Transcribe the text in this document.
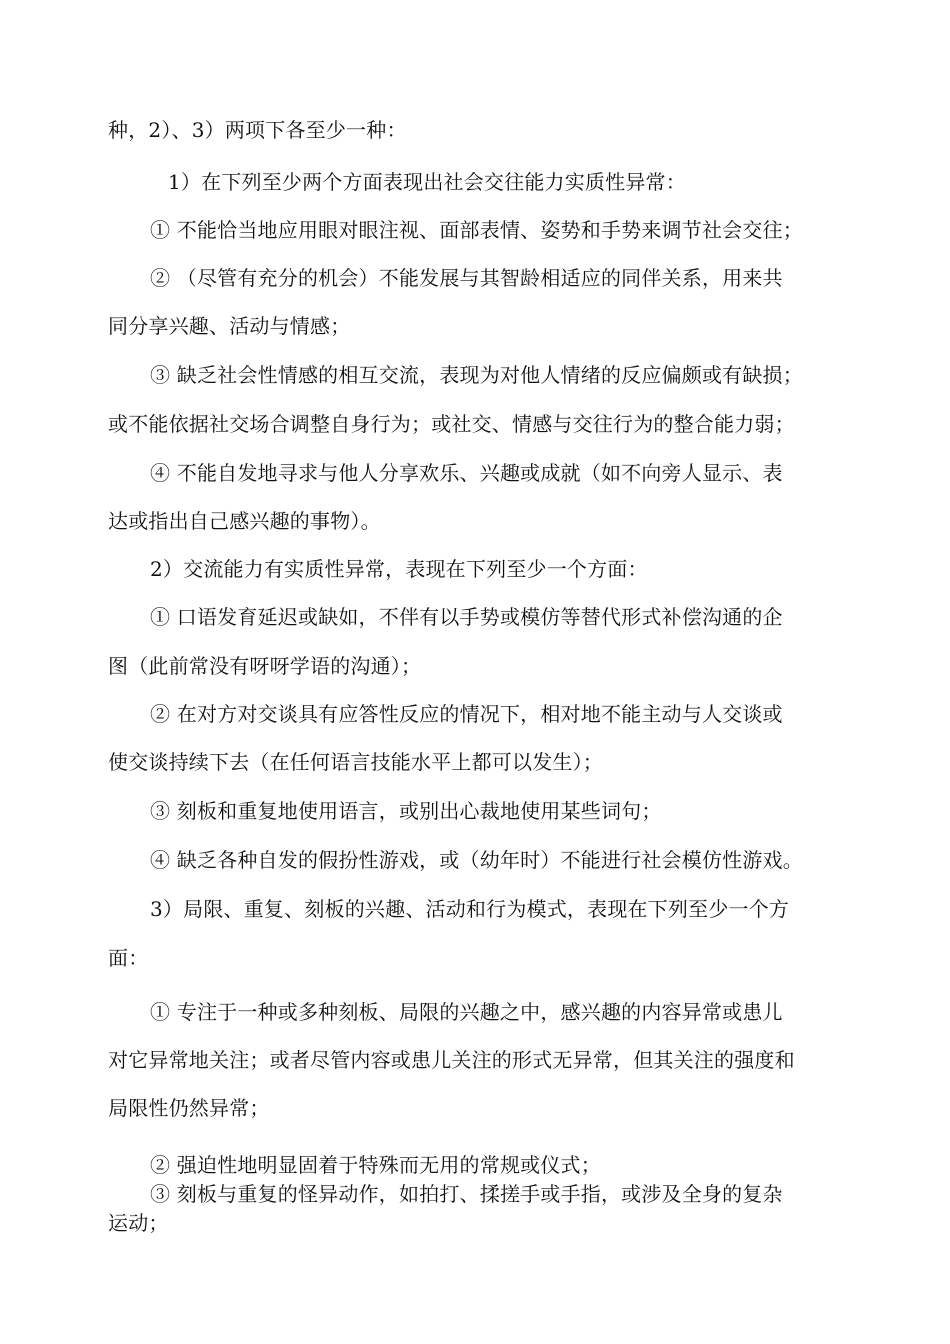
种，2）、3）两项下各至少一种：
1）在下列至少两个方面表现出社会交往能力实质性异常：
① 不能恰当地应用眼对眼注视、面部表情、姿势和手势来调节社会交往；
② （尽管有充分的机会）不能发展与其智龄相适应的同伴关系，用来共
同分享兴趣、活动与情感；
③ 缺乏社会性情感的相互交流，表现为对他人情绪的反应偏颇或有缺损；
或不能依据社交场合调整自身行为；或社交、情感与交往行为的整合能力弱；
④ 不能自发地寻求与他人分享欢乐、兴趣或成就（如不向旁人显示、表
达或指出自己感兴趣的事物）。
2）交流能力有实质性异常，表现在下列至少一个方面：
① 口语发育延迟或缺如，不伴有以手势或模仿等替代形式补偿沟通的企
图（此前常没有呀呀学语的沟通）；
② 在对方对交谈具有应答性反应的情况下，相对地不能主动与人交谈或
使交谈持续下去（在任何语言技能水平上都可以发生）；
③ 刻板和重复地使用语言，或别出心裁地使用某些词句；
④ 缺乏各种自发的假扮性游戏，或（幼年时）不能进行社会模仿性游戏。
3）局限、重复、刻板的兴趣、活动和行为模式，表现在下列至少一个方
面：
① 专注于一种或多种刻板、局限的兴趣之中，感兴趣的内容异常或患儿
对它异常地关注；或者尽管内容或患儿关注的形式无异常，但其关注的强度和
局限性仍然异常；
② 强迫性地明显固着于特殊而无用的常规或仪式；
③ 刻板与重复的怪异动作，如拍打、揉搓手或手指，或涉及全身的复杂
运动；
